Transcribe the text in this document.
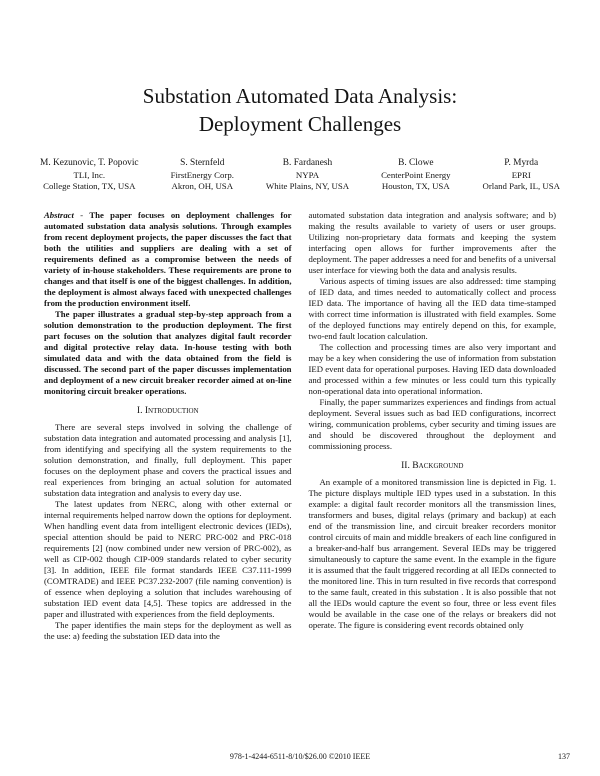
Substation Automated Data Analysis:
Deployment Challenges
M. Kezunovic, T. Popovic
TLI, Inc.
College Station, TX, USA
S. Sternfeld
FirstEnergy Corp.
Akron, OH, USA
B. Fardanesh
NYPA
White Plains, NY, USA
B. Clowe
CenterPoint Energy
Houston, TX, USA
P. Myrda
EPRI
Orland Park, IL, USA

Abstract - The paper focuses on deployment challenges for automated substation data analysis solutions. Through examples from recent deployment projects, the paper discusses the fact that both the utilities and suppliers are dealing with a set of requirements defined as a compromise between the needs of variety of in-house stakeholders. These requirements are prone to changes and that itself is one of the biggest challenges. In addition, the deployment is almost always faced with unexpected challenges from the production environment itself.

The paper illustrates a gradual step-by-step approach from a solution demonstration to the production deployment. The first part focuses on the solution that analyzes digital fault recorder and digital protective relay data. In-house testing with both simulated data and with the data obtained from the field is discussed. The second part of the paper discusses implementation and deployment of a new circuit breaker recorder aimed at on-line monitoring circuit breaker operations.

I. Introduction

There are several steps involved in solving the challenge of substation data integration and automated processing and analysis [1], from identifying and specifying all the system requirements to the solution demonstration, and finally, full deployment. This paper focuses on the deployment phase and covers the practical issues and real experiences from bringing an actual solution for automated substation data integration and analysis to every day use.

The latest updates from NERC, along with other external or internal requirements helped narrow down the options for deployment. When handling event data from intelligent electronic devices (IEDs), special attention should be paid to NERC PRC-002 and PRC-018 requirements [2] (now combined under new version of PRC-002), as well as CIP-002 though CIP-009 standards related to cyber security [3]. In addition, IEEE file format standards IEEE C37.111-1999 (COMTRADE) and IEEE PC37.232-2007 (file naming convention) is of essence when deploying a solution that includes warehousing of substation IED event data [4,5]. These topics are addressed in the paper and illustrated with experiences from the field deployments.

The paper identifies the main steps for the deployment as well as the use: a) feeding the substation IED data into the

automated substation data integration and analysis software; and b) making the results available to variety of users or user groups. Utilizing non-proprietary data formats and keeping the system interfacing open allows for further improvements after the deployment. The paper addresses a need for and benefits of a universal user interface for viewing both the data and analysis results.

Various aspects of timing issues are also addressed: time stamping of IED data, and times needed to automatically collect and process IED data. The importance of having all the IED data time-stamped with correct time information is illustrated with field examples. Some of the deployed functions may entirely depend on this, for example, two-end fault location calculation.

The collection and processing times are also very important and may be a key when considering the use of information from substation IED event data for operational purposes. Having IED data downloaded and processed within a few minutes or less could turn this typically non-operational data into operational information.

Finally, the paper summarizes experiences and findings from actual deployment. Several issues such as bad IED configurations, incorrect wiring, communication problems, cyber security and timing issues are and should be discovered throughout the deployment and commissioning process.

II. Background

An example of a monitored transmission line is depicted in Fig. 1. The picture displays multiple IED types used in a substation. In this example: a digital fault recorder monitors all the transmission lines, transformers and buses, digital relays (primary and backup) at each end of the transmission line, and circuit breaker recorders monitor control circuits of main and middle breakers of each line configured in a breaker-and-half bus arrangement. Several IEDs may be triggered simultaneously to capture the same event. In the example in the figure it is assumed that the fault triggered recording at all IEDs connected to the monitored line. This in turn resulted in five records that correspond to the same fault, created in this substation . It is also possible that not all the IEDs would capture the event so four, three or less event files would be available in the case one of the relays or breakers did not operate. The figure is considering event records obtained only

978-1-4244-6511-8/10/$26.00 ©2010 IEEE	137
